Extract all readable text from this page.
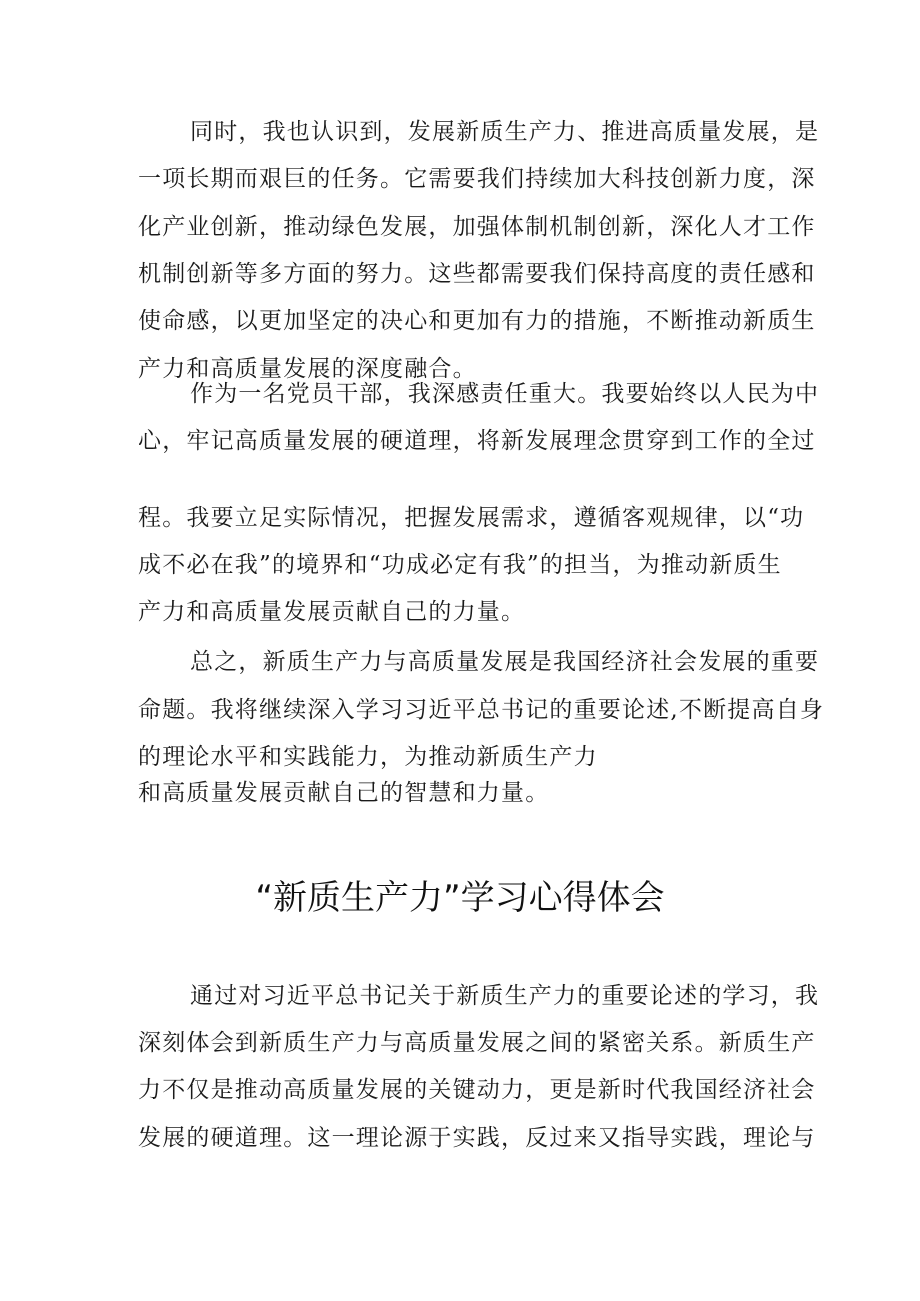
同时，我也认识到，发展新质生产力、推进高质量发展，是
一项长期而艰巨的任务。它需要我们持续加大科技创新力度，深
化产业创新，推动绿色发展，加强体制机制创新，深化人才工作
机制创新等多方面的努力。这些都需要我们保持高度的责任感和
使命感，以更加坚定的决心和更加有力的措施，不断推动新质生
产力和高质量发展的深度融合。
作为一名党员干部，我深感责任重大。我要始终以人民为中
心，牢记高质量发展的硬道理，将新发展理念贯穿到工作的全过
程。我要立足实际情况，把握发展需求，遵循客观规律，以“功
成不必在我”的境界和“功成必定有我”的担当，为推动新质生
产力和高质量发展贡献自己的力量。
总之，新质生产力与高质量发展是我国经济社会发展的重要
命题。我将继续深入学习习近平总书记的重要论述,不断提高自身
的理论水平和实践能力，为推动新质生产力
和高质量发展贡献自己的智慧和力量。
“新质生产力”学习心得体会
通过对习近平总书记关于新质生产力的重要论述的学习，我
深刻体会到新质生产力与高质量发展之间的紧密关系。新质生产
力不仅是推动高质量发展的关键动力，更是新时代我国经济社会
发展的硬道理。这一理论源于实践，反过来又指导实践，理论与
